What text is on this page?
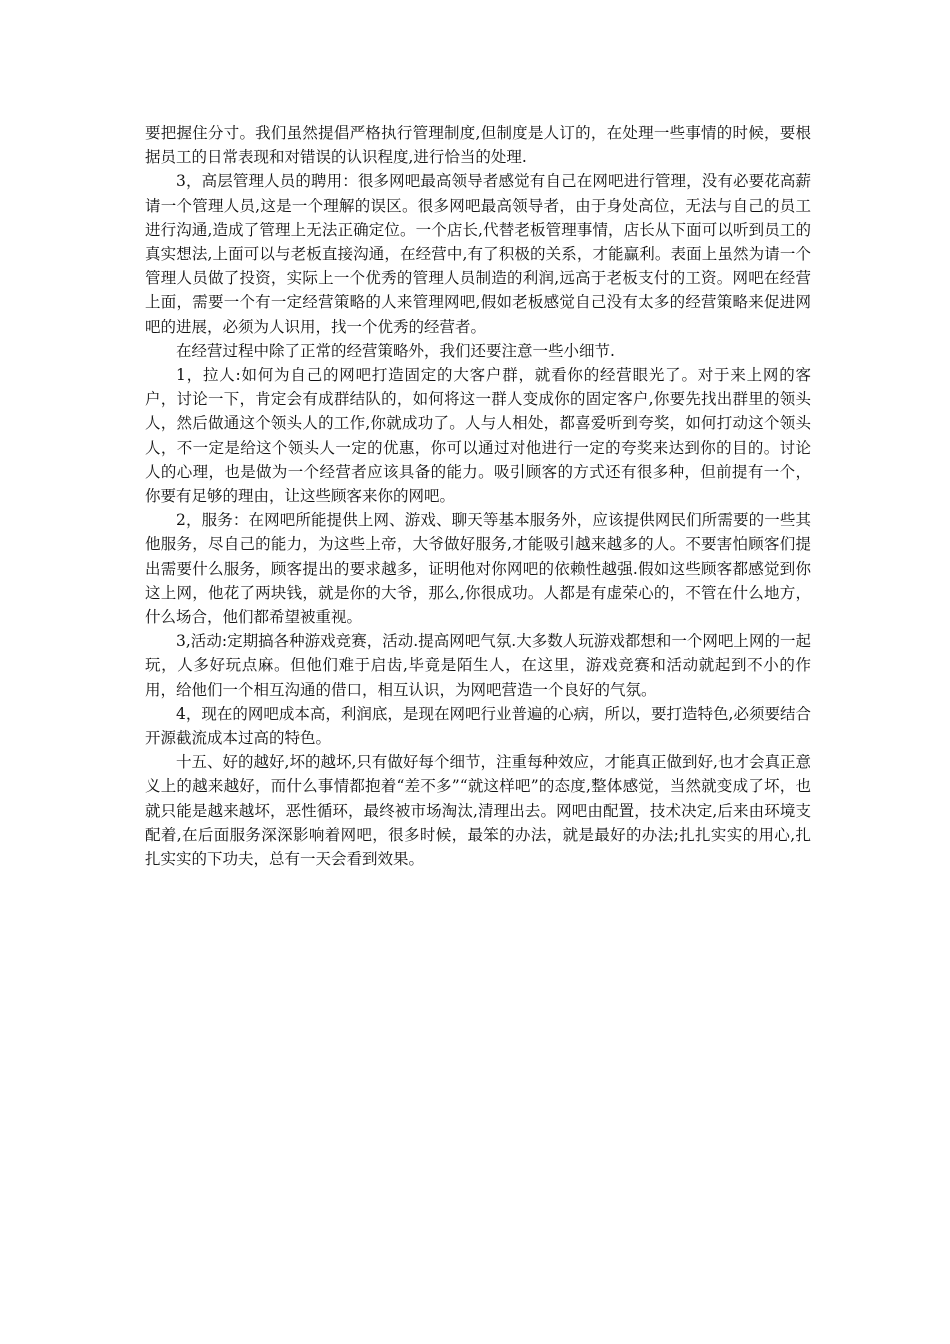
要把握住分寸。我们虽然提倡严格执行管理制度,但制度是人订的，在处理一些事情的时候，要根据员工的日常表现和对错误的认识程度,进行恰当的处理.

3，高层管理人员的聘用：很多网吧最高领导者感觉有自己在网吧进行管理，没有必要花高薪请一个管理人员,这是一个理解的误区。很多网吧最高领导者，由于身处高位，无法与自己的员工进行沟通,造成了管理上无法正确定位。一个店长,代替老板管理事情，店长从下面可以听到员工的真实想法,上面可以与老板直接沟通，在经营中,有了积极的关系，才能赢利。表面上虽然为请一个管理人员做了投资，实际上一个优秀的管理人员制造的利润,远高于老板支付的工资。网吧在经营上面，需要一个有一定经营策略的人来管理网吧,假如老板感觉自己没有太多的经营策略来促进网吧的进展，必须为人识用，找一个优秀的经营者。

在经营过程中除了正常的经营策略外，我们还要注意一些小细节.

1，拉人:如何为自己的网吧打造固定的大客户群，就看你的经营眼光了。对于来上网的客户，讨论一下，肯定会有成群结队的，如何将这一群人变成你的固定客户,你要先找出群里的领头人，然后做通这个领头人的工作,你就成功了。人与人相处，都喜爱听到夸奖，如何打动这个领头人，不一定是给这个领头人一定的优惠，你可以通过对他进行一定的夸奖来达到你的目的。讨论人的心理，也是做为一个经营者应该具备的能力。吸引顾客的方式还有很多种，但前提有一个，你要有足够的理由，让这些顾客来你的网吧。

2，服务：在网吧所能提供上网、游戏、聊天等基本服务外，应该提供网民们所需要的一些其他服务，尽自己的能力，为这些上帝，大爷做好服务,才能吸引越来越多的人。不要害怕顾客们提出需要什么服务，顾客提出的要求越多，证明他对你网吧的依赖性越强.假如这些顾客都感觉到你这上网，他花了两块钱，就是你的大爷，那么,你很成功。人都是有虚荣心的，不管在什么地方，什么场合，他们都希望被重视。

3,活动:定期搞各种游戏竞赛，活动.提高网吧气氛.大多数人玩游戏都想和一个网吧上网的一起玩，人多好玩点麻。但他们难于启齿,毕竟是陌生人，在这里，游戏竞赛和活动就起到不小的作用，给他们一个相互沟通的借口，相互认识，为网吧营造一个良好的气氛。

4，现在的网吧成本高，利润底，是现在网吧行业普遍的心病，所以，要打造特色,必须要结合开源截流成本过高的特色。

十五、好的越好,坏的越坏,只有做好每个细节，注重每种效应，才能真正做到好,也才会真正意义上的越来越好，而什么事情都抱着“差不多”“就这样吧”的态度,整体感觉，当然就变成了坏，也就只能是越来越坏，恶性循环，最终被市场淘汰,清理出去。网吧由配置，技术决定,后来由环境支配着,在后面服务深深影响着网吧，很多时候，最笨的办法，就是最好的办法;扎扎实实的用心,扎扎实实的下功夫，总有一天会看到效果。
